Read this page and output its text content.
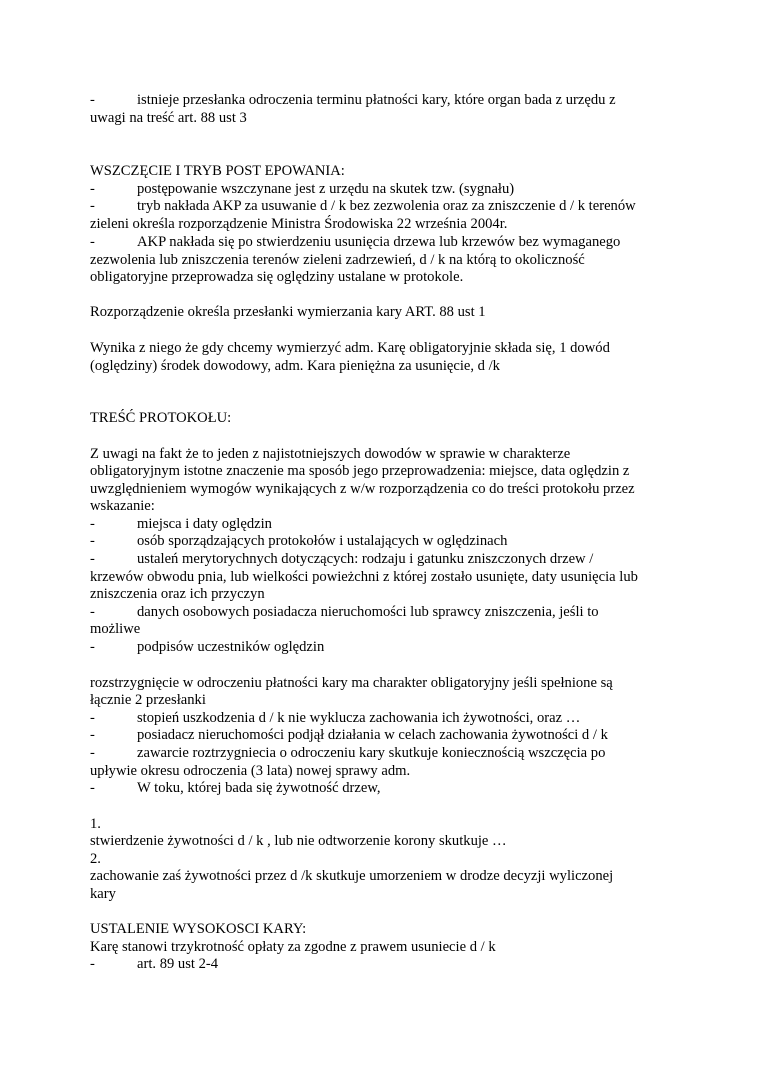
-	istnieje przesłanka odroczenia terminu płatności kary, które organ bada z urzędu z
uwagi na treść art. 88 ust 3
WSZCZĘCIE I TRYB POST EPOWANIA:
-	postępowanie wszczynane jest z urzędu na skutek tzw. (sygnału)
-	tryb nakłada AKP za usuwanie d / k bez zezwolenia oraz za zniszczenie d / k terenów
zieleni określa rozporządzenie Ministra Środowiska 22 września 2004r.
-	AKP nakłada się po stwierdzeniu usunięcia drzewa lub krzewów bez wymaganego
zezwolenia lub zniszczenia terenów zieleni zadrzewień, d / k na którą to okoliczność
obligatoryjne przeprowadza się oględziny ustalane w protokole.
Rozporządzenie określa przesłanki wymierzania kary ART. 88 ust 1
Wynika z niego że gdy chcemy wymierzyć adm. Karę obligatoryjnie składa się, 1 dowód
(oględziny) środek dowodowy, adm. Kara pieniężna za usunięcie, d /k
TREŚĆ PROTOKOŁU:
Z uwagi na fakt że to jeden z najistotniejszych dowodów w sprawie w charakterze
obligatoryjnym istotne znaczenie ma sposób jego przeprowadzenia: miejsce, data oględzin z
uwzględnieniem wymogów wynikających z w/w rozporządzenia co do treści protokołu przez
wskazanie:
-	miejsca i daty oględzin
-	osób sporządzających protokołów i ustalających w oględzinach
-	ustaleń merytorychnych dotyczących: rodzaju i gatunku zniszczonych drzew /
krzewów obwodu pnia, lub wielkości powieżchni z której zostało usunięte, daty usunięcia lub
zniszczenia oraz ich przyczyn
-	danych osobowych posiadacza nieruchomości lub sprawcy zniszczenia, jeśli to
możliwe
-	podpisów uczestników oględzin
rozstrzygnięcie w odroczeniu płatności kary ma charakter obligatoryjny jeśli spełnione są
łącznie 2 przesłanki
-	stopień uszkodzenia d / k nie wyklucza zachowania ich żywotności, oraz …
-	posiadacz nieruchomości podjął działania w celach zachowania żywotności d / k
-	zawarcie roztrzygniecia o odroczeniu kary skutkuje koniecznością wszczęcia po
upływie okresu odroczenia (3 lata) nowej sprawy adm.
-	W toku, której bada się żywotność drzew,
1.
stwierdzenie żywotności d / k , lub nie odtworzenie korony skutkuje …
2.
zachowanie zaś żywotności przez d /k skutkuje umorzeniem w drodze decyzji wyliczonej
kary
USTALENIE WYSOKOSCI KARY:
Karę stanowi trzykrotność opłaty za zgodne z prawem usuniecie d / k
-	art. 89 ust 2-4
